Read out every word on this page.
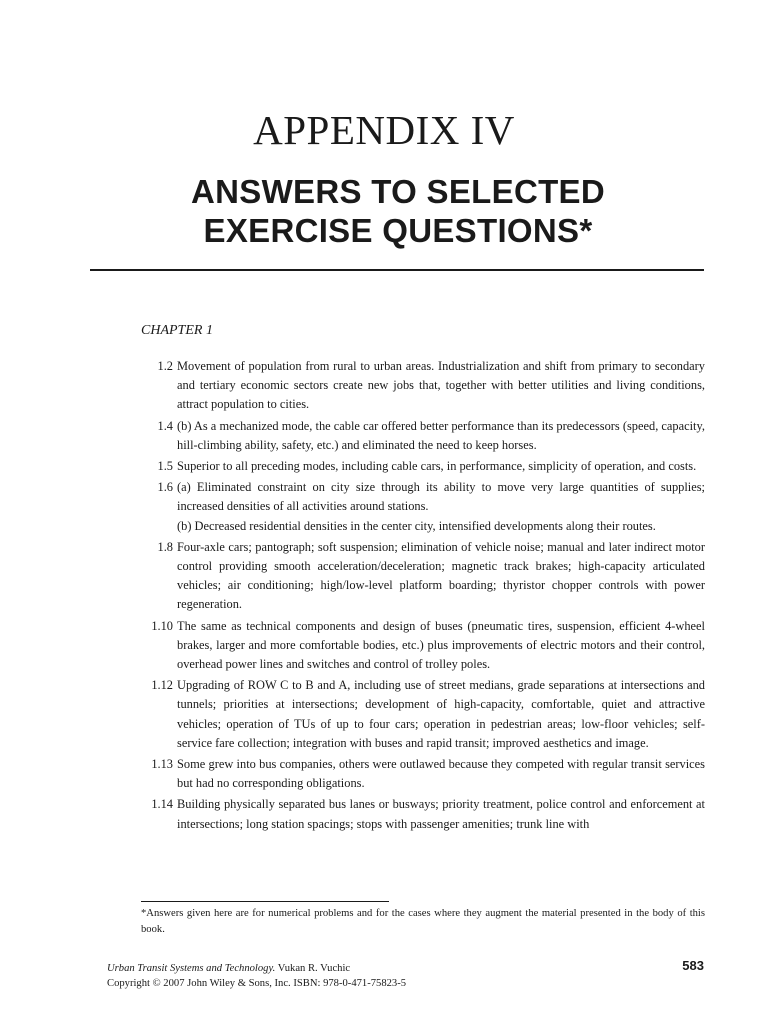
APPENDIX IV
ANSWERS TO SELECTED
EXERCISE QUESTIONS*
CHAPTER 1
1.2 Movement of population from rural to urban areas. Industrialization and shift from primary to secondary and tertiary economic sectors create new jobs that, together with better utilities and living conditions, attract population to cities.

1.4 (b) As a mechanized mode, the cable car offered better performance than its predecessors (speed, capacity, hill-climbing ability, safety, etc.) and eliminated the need to keep horses.

1.5 Superior to all preceding modes, including cable cars, in performance, simplicity of operation, and costs.

1.6 (a) Eliminated constraint on city size through its ability to move very large quantities of supplies; increased densities of all activities around stations.

(b) Decreased residential densities in the center city, intensified developments along their routes.

1.8 Four-axle cars; pantograph; soft suspension; elimination of vehicle noise; manual and later indirect motor control providing smooth acceleration/deceleration; magnetic track brakes; high-capacity articulated vehicles; air conditioning; high/low-level platform boarding; thyristor chopper controls with power regeneration.

1.10 The same as technical components and design of buses (pneumatic tires, suspension, efficient 4-wheel brakes, larger and more comfortable bodies, etc.) plus improvements of electric motors and their control, overhead power lines and switches and control of trolley poles.

1.12 Upgrading of ROW C to B and A, including use of street medians, grade separations at intersections and tunnels; priorities at intersections; development of high-capacity, comfortable, quiet and attractive vehicles; operation of TUs of up to four cars; operation in pedestrian areas; low-floor vehicles; self-service fare collection; integration with buses and rapid transit; improved aesthetics and image.

1.13 Some grew into bus companies, others were outlawed because they competed with regular transit services but had no corresponding obligations.

1.14 Building physically separated bus lanes or busways; priority treatment, police control and enforcement at intersections; long station spacings; stops with passenger amenities; trunk line with

*Answers given here are for numerical problems and for the cases where they augment the material presented in the body of this book.
Urban Transit Systems and Technology. Vukan R. Vuchic
Copyright © 2007 John Wiley & Sons, Inc. ISBN: 978-0-471-75823-5
583
